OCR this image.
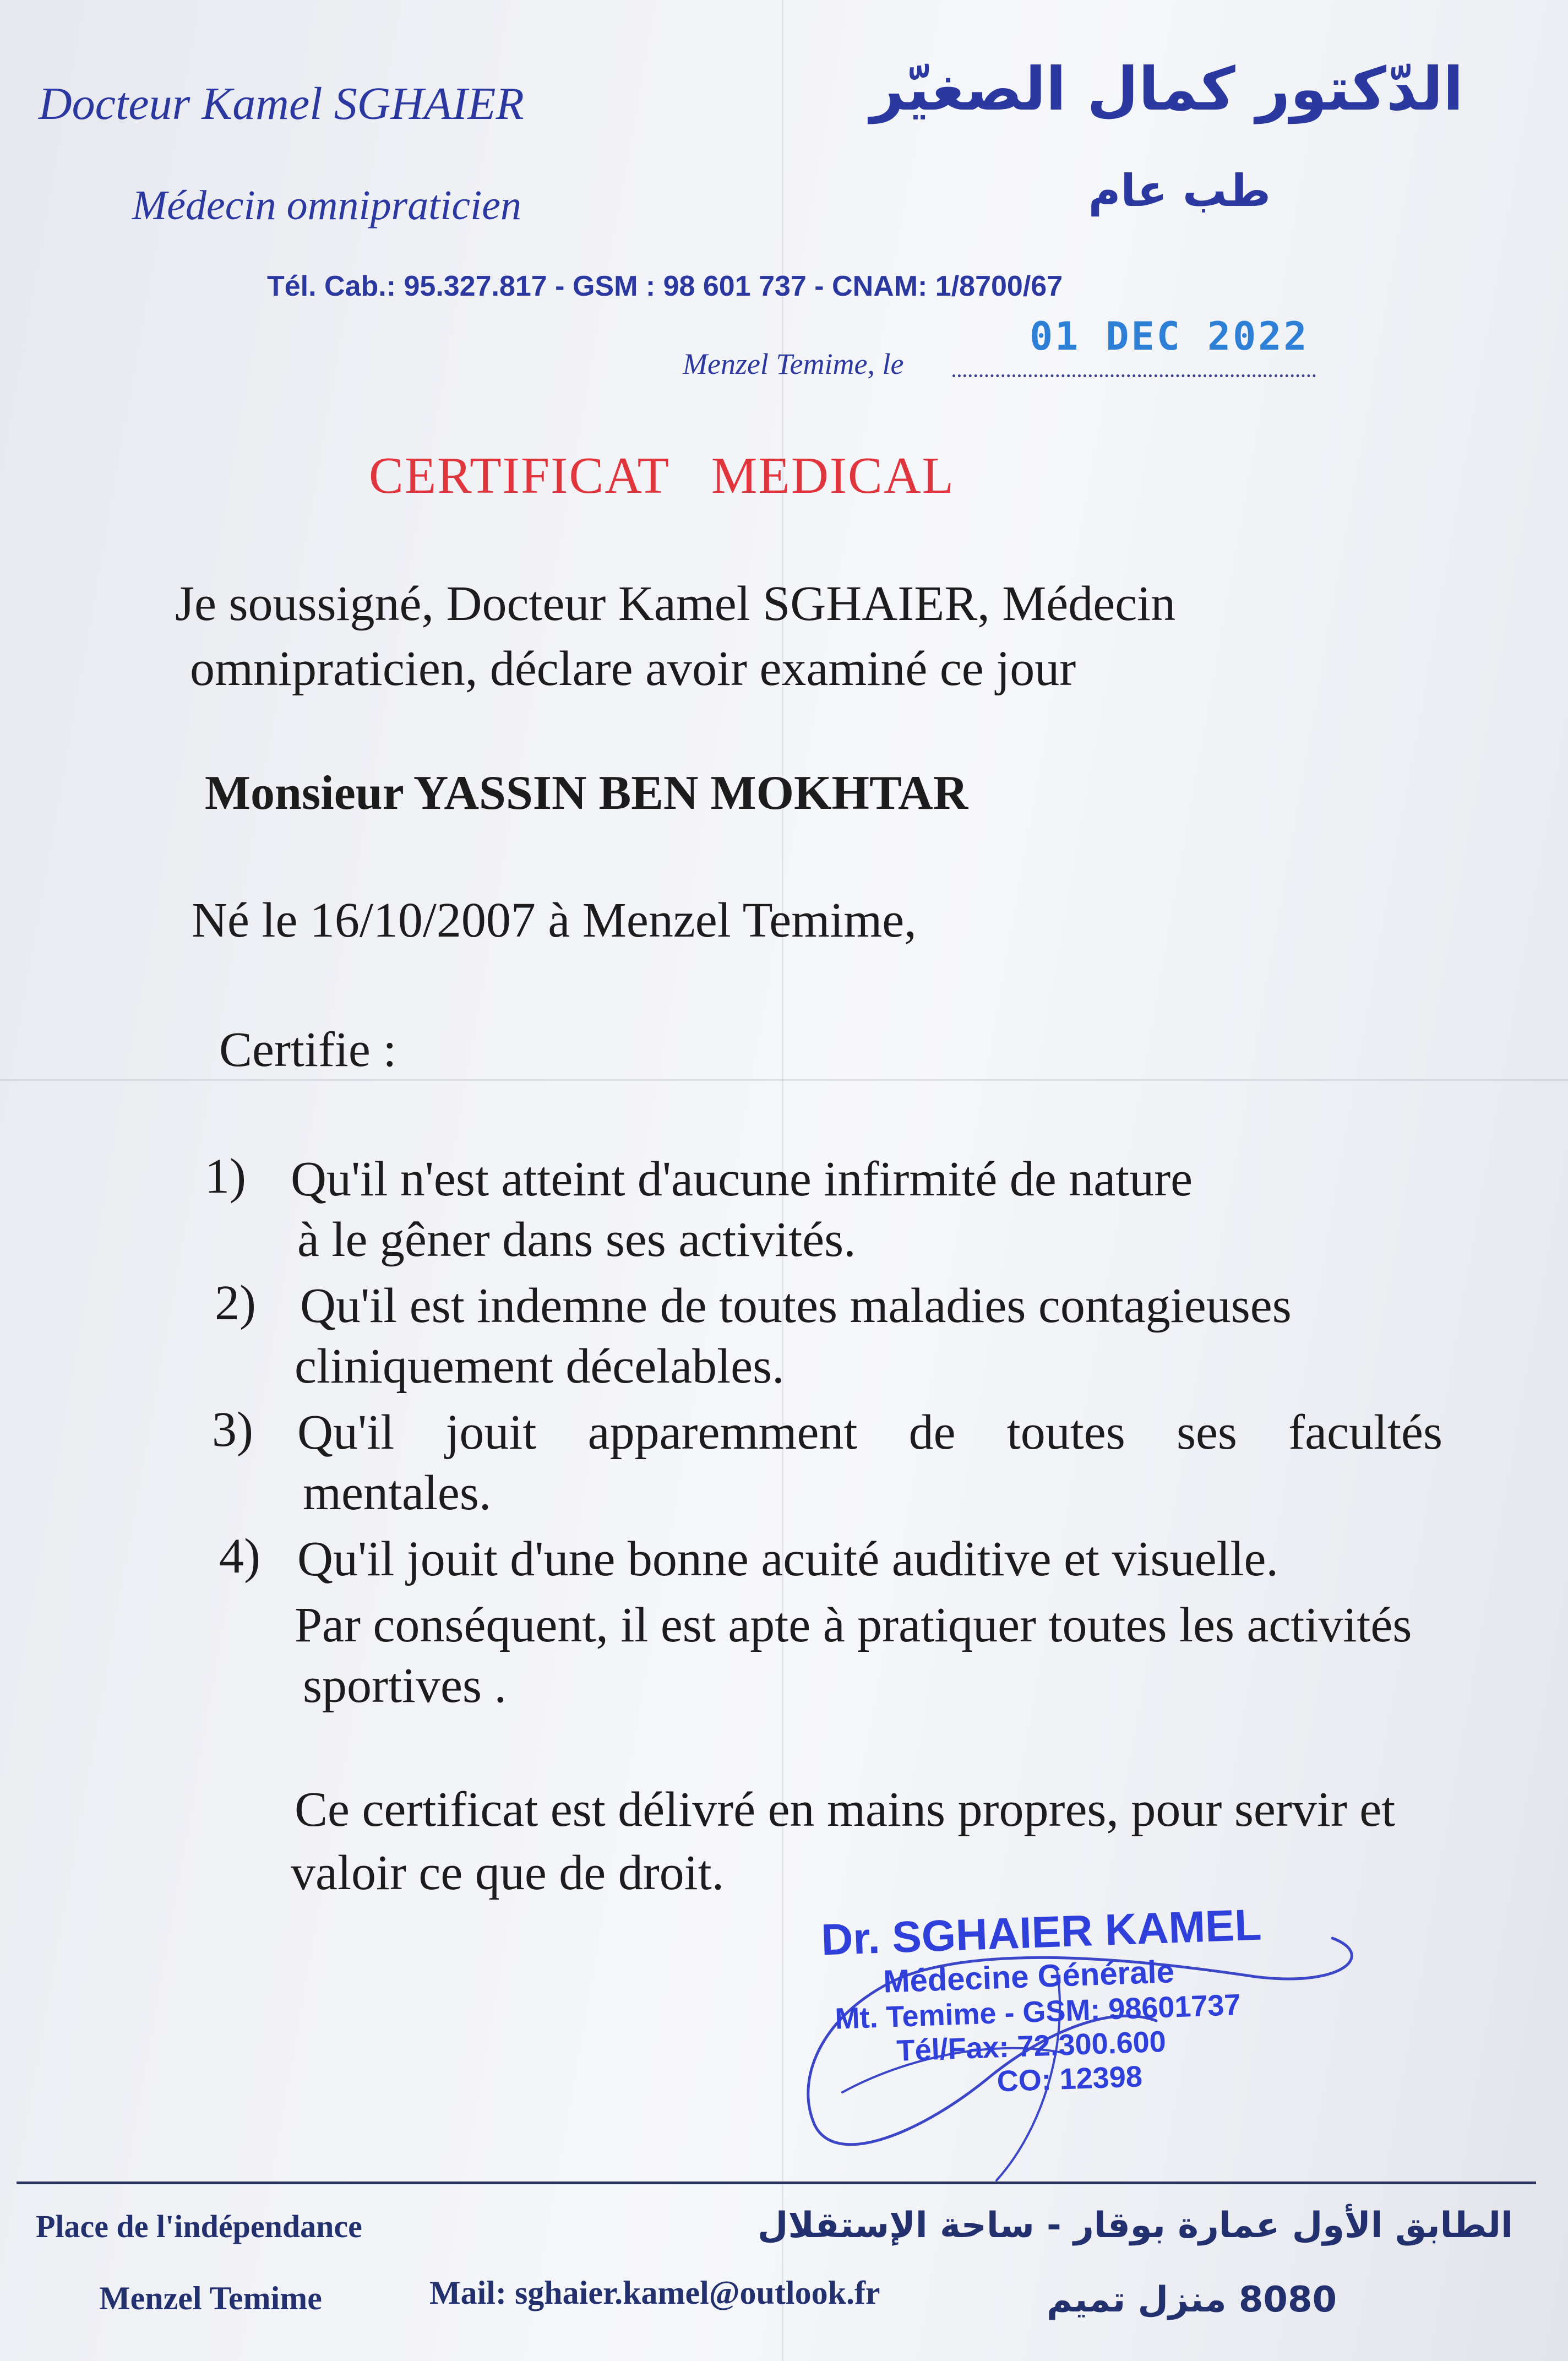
Docteur Kamel SGHAIER
Médecin omnipraticien
الدّكتور كمال الصغيّر
طب عام
Tél. Cab.: 95.327.817 - GSM : 98 601 737 - CNAM: 1/8700/67
Menzel Temime, le
01 DEC 2022
CERTIFICAT   MEDICAL
Je soussigné, Docteur Kamel SGHAIER, Médecin
omnipraticien, déclare avoir examiné ce jour
Monsieur YASSIN BEN MOKHTAR
Né le 16/10/2007 à Menzel Temime,
Certifie :
1) Qu'il n'est atteint d'aucune infirmité de nature
à le gêner dans ses activités.
2) Qu'il est indemne de toutes maladies contagieuses
cliniquement décelables.
3) Qu'il jouit apparemment de toutes ses facultés
mentales.
4) Qu'il jouit d'une bonne acuité auditive et visuelle.
Par conséquent, il est apte à pratiquer toutes les activités
sportives .
Ce certificat est délivré en mains propres, pour servir et
valoir ce que de droit.
Dr. SGHAIER KAMEL
Médecine Générale
Mt. Temime - GSM: 98601737
Tél/Fax: 72.300.600
CO: 12398
Place de l'indépendance
Menzel Temime	Mail: sghaier.kamel@outlook.fr
الطابق الأول عمارة بوقار - ساحة الإستقلال
8080 منزل تميم
